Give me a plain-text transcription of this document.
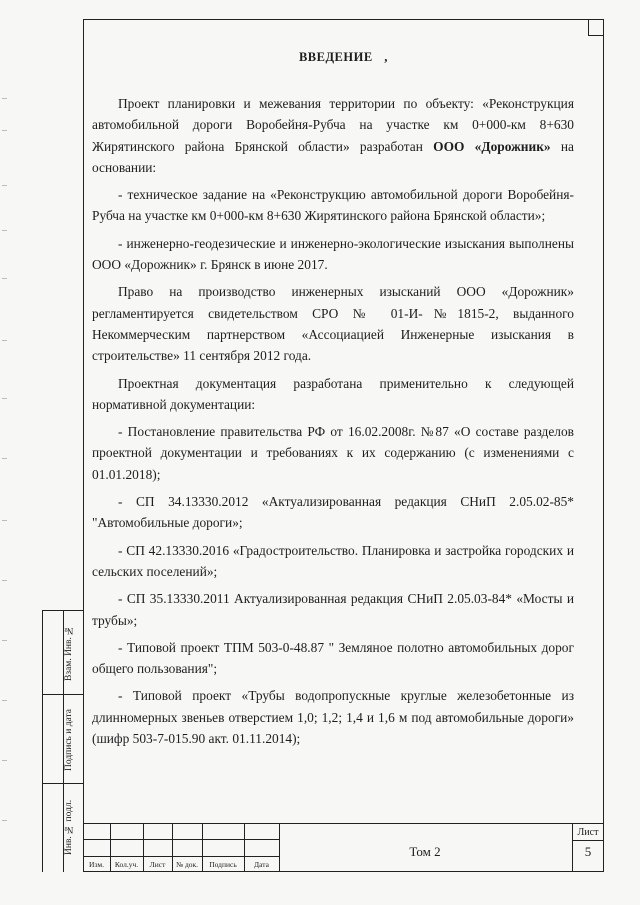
ВВЕДЕНИЕ ,

Проект планировки и межевания территории по объекту: «Реконструкция автомобильной дороги Воробейня-Рубча на участке км 0+000-км 8+630 Жирятинского района Брянской области» разработан ООО «Дорожник» на основании:

- техническое задание на «Реконструкцию автомобильной дороги Воробейня-Рубча на участке км 0+000-км 8+630 Жирятинского района Брянской области»;

- инженерно-геодезические и инженерно-экологические изыскания выполнены ООО «Дорожник» г. Брянск в июне 2017.

Право на производство инженерных изысканий ООО «Дорожник» регламентируется свидетельством СРО № 01-И-№1815-2, выданного Некоммерческим партнерством «Ассоциацией Инженерные изыскания в строительстве» 11 сентября 2012 года.

Проектная документация разработана применительно к следующей нормативной документации:

- Постановление правительства РФ от 16.02.2008г. №87 «О составе разделов проектной документации и требованиях к их содержанию (с изменениями с 01.01.2018);

- СП 34.13330.2012 «Актуализированная редакция СНиП 2.05.02-85* "Автомобильные дороги»;

- СП 42.13330.2016 «Градостроительство. Планировка и застройка городских и сельских поселений»;

- СП 35.13330.2011 Актуализированная редакция СНиП 2.05.03-84* «Мосты и трубы»;

- Типовой проект ТПМ 503-0-48.87 " Земляное полотно автомобильных дорог общего пользования";

- Типовой проект «Трубы водопропускные круглые железобетонные из длинномерных звеньев отверстием 1,0; 1,2; 1,4 и 1,6 м под автомобильные дороги» (шифр 503-7-015.90 акт. 01.11.2014);

Взам. Инв. №
Подпись и дата
Инв. № подл.
Изм.	Кол.уч.	Лист	№ док.	Подпись	Дата
Том 2
Лист
5
